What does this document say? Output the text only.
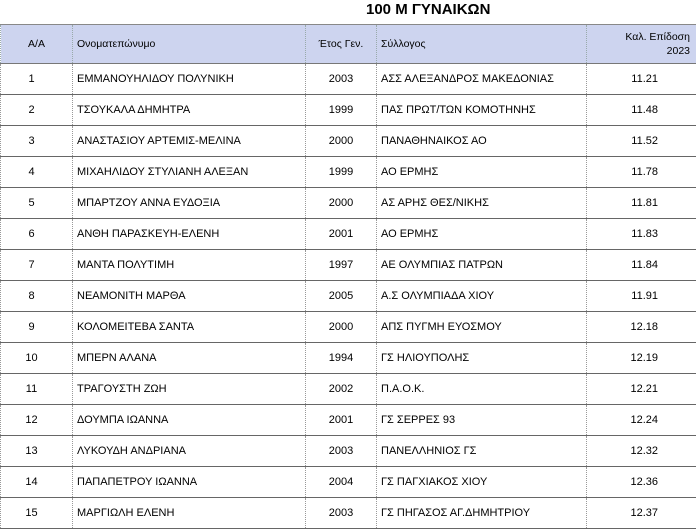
100 Μ ΓΥΝΑΙΚΩΝ
Α/Α	Ονοματεπώνυμο	Έτος Γεν.	Σύλλογος	Καλ. Επίδοση
2023

1	ΕΜΜΑΝΟΥΗΛΙΔΟΥ ΠΟΛΥΝΙΚΗ	2003	ΑΣΣ ΑΛΕΞΑΝΔΡΟΣ ΜΑΚΕΔΟΝΙΑΣ	11.21
2	ΤΣΟΥΚΑΛΑ ΔΗΜΗΤΡΑ	1999	ΠΑΣ ΠΡΩΤ/ΤΩΝ ΚΟΜΟΤΗΝΗΣ	11.48
3	ΑΝΑΣΤΑΣΙΟΥ ΑΡΤΕΜΙΣ-ΜΕΛΙΝΑ	2000	ΠΑΝΑΘΗΝΑΙΚΟΣ ΑΟ	11.52
4	ΜΙΧΑΗΛΙΔΟΥ ΣΤΥΛΙΑΝΗ ΑΛΕΞΑΝ	1999	ΑΟ ΕΡΜΗΣ	11.78
5	ΜΠΑΡΤΖΟΥ ΑΝΝΑ ΕΥΔΟΞΙΑ	2000	ΑΣ ΑΡΗΣ ΘΕΣ/ΝΙΚΗΣ	11.81
6	ΑΝΘΗ ΠΑΡΑΣΚΕΥΗ-ΕΛΕΝΗ	2001	ΑΟ ΕΡΜΗΣ	11.83
7	ΜΑΝΤΑ ΠΟΛΥΤΙΜΗ	1997	ΑΕ ΟΛΥΜΠΙΑΣ ΠΑΤΡΩΝ	11.84
8	ΝΕΑΜΟΝΙΤΗ ΜΑΡΘΑ	2005	Α.Σ ΟΛΥΜΠΙΑΔΑ ΧΙΟΥ	11.91
9	ΚΟΛΟΜΕΙΤΕΒΑ ΣΑΝΤΑ	2000	ΑΠΣ ΠΥΓΜΗ ΕΥΟΣΜΟΥ	12.18
10	ΜΠΕΡΝ ΑΛΑΝΑ	1994	ΓΣ ΗΛΙΟΥΠΟΛΗΣ	12.19
11	ΤΡΑΓΟΥΣΤΗ ΖΩΗ	2002	Π.Α.Ο.Κ.	12.21
12	ΔΟΥΜΠΑ ΙΩΑΝΝΑ	2001	ΓΣ ΣΕΡΡΕΣ 93	12.24
13	ΛΥΚΟΥΔΗ ΑΝΔΡΙΑΝΑ	2003	ΠΑΝΕΛΛΗΝΙΟΣ ΓΣ	12.32
14	ΠΑΠΑΠΕΤΡΟΥ ΙΩΑΝΝΑ	2004	ΓΣ ΠΑΓΧΙΑΚΟΣ ΧΙΟΥ	12.36
15	ΜΑΡΓΙΩΛΗ ΕΛΕΝΗ	2003	ΓΣ ΠΗΓΑΣΟΣ ΑΓ.ΔΗΜΗΤΡΙΟΥ	12.37
